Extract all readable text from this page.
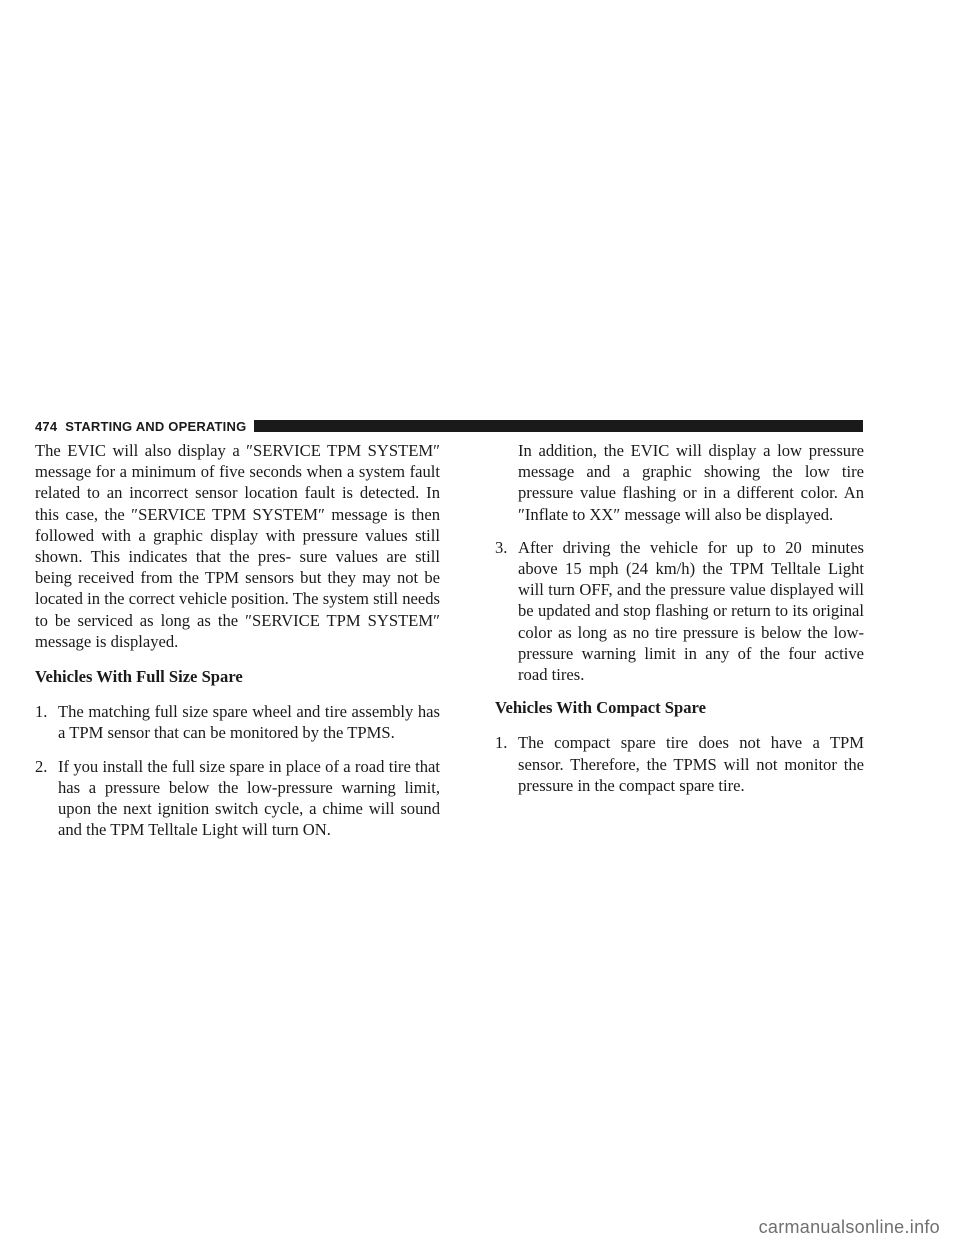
474 STARTING AND OPERATING

The EVIC will also display a ″SERVICE TPM SYSTEM″ message for a minimum of five seconds when a system fault related to an incorrect sensor location fault is detected. In this case, the ″SERVICE TPM SYSTEM″ message is then followed with a graphic display with pressure values still shown. This indicates that the pres- sure values are still being received from the TPM sensors but they may not be located in the correct vehicle position. The system still needs to be serviced as long as the ″SERVICE TPM SYSTEM″ message is displayed.

Vehicles With Full Size Spare

1. The matching full size spare wheel and tire assembly has a TPM sensor that can be monitored by the TPMS.
2. If you install the full size spare in place of a road tire that has a pressure below the low-pressure warning limit, upon the next ignition switch cycle, a chime will sound and the TPM Telltale Light will turn ON.

In addition, the EVIC will display a low pressure message and a graphic showing the low tire pressure value flashing or in a different color. An ″Inflate to XX″ message will also be displayed.

3. After driving the vehicle for up to 20 minutes above 15 mph (24 km/h) the TPM Telltale Light will turn OFF, and the pressure value displayed will be updated and stop flashing or return to its original color as long as no tire pressure is below the low-pressure warning limit in any of the four active road tires.

Vehicles With Compact Spare

1. The compact spare tire does not have a TPM sensor. Therefore, the TPMS will not monitor the pressure in the compact spare tire.
carmanualsonline.info
